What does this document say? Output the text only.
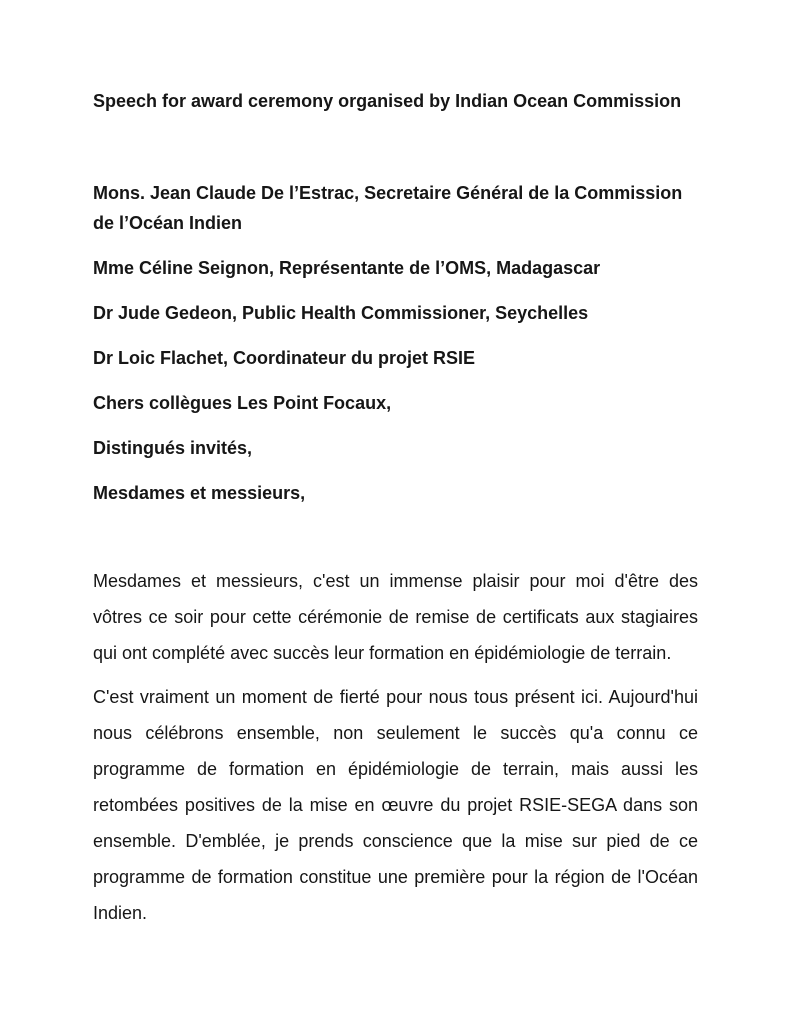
Speech for award ceremony organised by Indian Ocean Commission

Mons. Jean Claude De l’Estrac, Secretaire Général de la Commission de l’Océan Indien

Mme Céline Seignon, Représentante de l’OMS, Madagascar

Dr Jude Gedeon, Public Health Commissioner, Seychelles

Dr Loic Flachet, Coordinateur du projet RSIE

Chers collègues Les Point Focaux,

Distingués invités,

Mesdames et messieurs,

Mesdames et messieurs, c'est un immense plaisir pour moi d'être des vôtres ce soir pour cette cérémonie de remise de certificats aux stagiaires qui ont complété avec succès leur formation en épidémiologie de terrain.

C'est vraiment un moment de fierté pour nous tous présent ici. Aujourd'hui nous célébrons ensemble, non seulement le succès qu'a connu ce programme de formation en épidémiologie de terrain, mais aussi les retombées positives de la mise en œuvre du projet RSIE-SEGA dans son ensemble. D'emblée, je prends conscience que la mise sur pied de ce programme de formation constitue une première pour la région de l'Océan Indien.
